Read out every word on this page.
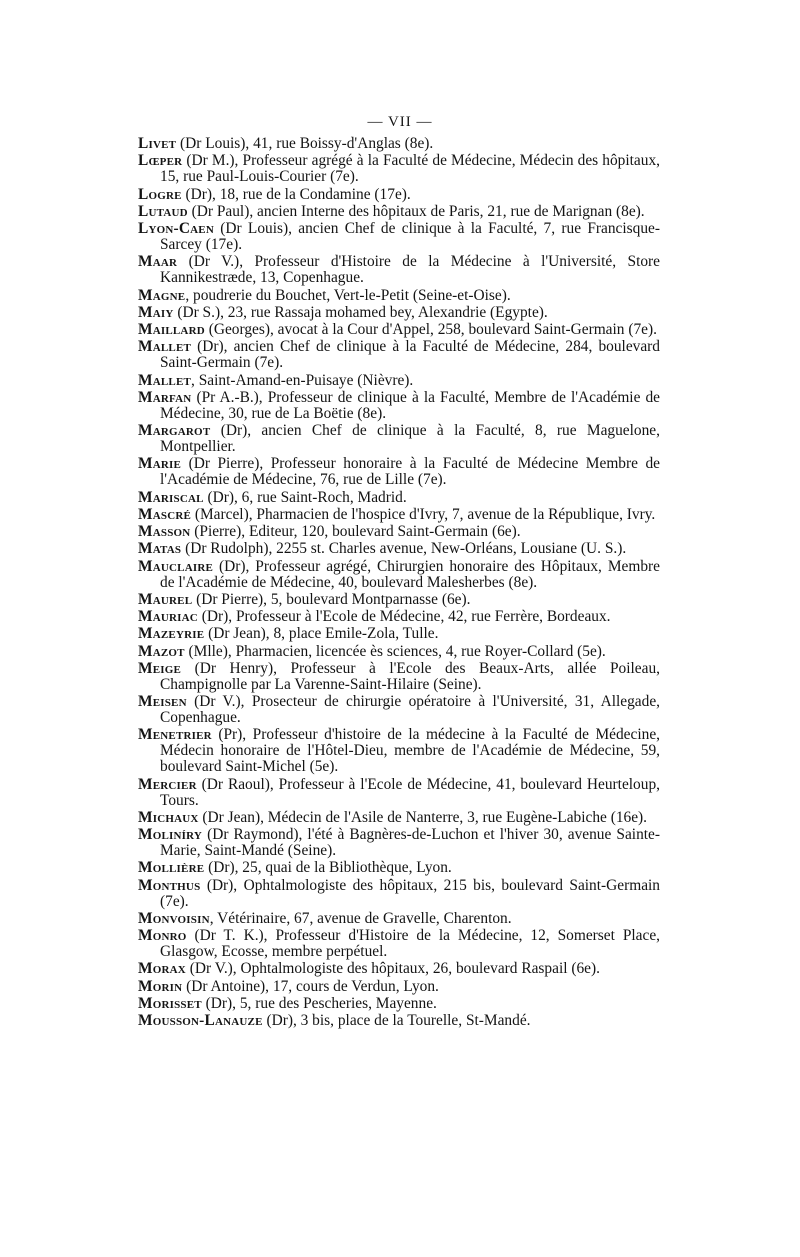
— VII —

Livet (Dr Louis), 41, rue Boissy-d'Anglas (8e).

Lœper (Dr M.), Professeur agrégé à la Faculté de Médecine, Médecin des hôpitaux, 15, rue Paul-Louis-Courier (7e).

Logre (Dr), 18, rue de la Condamine (17e).

Lutaud (Dr Paul), ancien Interne des hôpitaux de Paris, 21, rue de Marignan (8e).

Lyon-Caen (Dr Louis), ancien Chef de clinique à la Faculté, 7, rue Francisque-Sarcey (17e).

Maar (Dr V.), Professeur d'Histoire de la Médecine à l'Université, Store Kannikestræde, 13, Copenhague.

Magne, poudrerie du Bouchet, Vert-le-Petit (Seine-et-Oise).

Maiy (Dr S.), 23, rue Rassaja mohamed bey, Alexandrie (Egypte).

Maillard (Georges), avocat à la Cour d'Appel, 258, boulevard Saint-Germain (7e).

Mallet (Dr), ancien Chef de clinique à la Faculté de Médecine, 284, boulevard Saint-Germain (7e).

Mallet, Saint-Amand-en-Puisaye (Nièvre).

Marfan (Pr A.-B.), Professeur de clinique à la Faculté, Membre de l'Académie de Médecine, 30, rue de La Boëtie (8e).

Margarot (Dr), ancien Chef de clinique à la Faculté, 8, rue Maguelone, Montpellier.

Marie (Dr Pierre), Professeur honoraire à la Faculté de Médecine Membre de l'Académie de Médecine, 76, rue de Lille (7e).

Mariscal (Dr), 6, rue Saint-Roch, Madrid.

Mascré (Marcel), Pharmacien de l'hospice d'Ivry, 7, avenue de la République, Ivry.

Masson (Pierre), Editeur, 120, boulevard Saint-Germain (6e).

Matas (Dr Rudolph), 2255 st. Charles avenue, New-Orléans, Lousiane (U. S.).

Mauclaire (Dr), Professeur agrégé, Chirurgien honoraire des Hôpitaux, Membre de l'Académie de Médecine, 40, boulevard Malesherbes (8e).

Maurel (Dr Pierre), 5, boulevard Montparnasse (6e).

Mauriac (Dr), Professeur à l'Ecole de Médecine, 42, rue Ferrère, Bordeaux.

Mazeyrie (Dr Jean), 8, place Emile-Zola, Tulle.

Mazot (Mlle), Pharmacien, licencée ès sciences, 4, rue Royer-Collard (5e).

Meige (Dr Henry), Professeur à l'Ecole des Beaux-Arts, allée Poileau, Champignolle par La Varenne-Saint-Hilaire (Seine).

Meisen (Dr V.), Prosecteur de chirurgie opératoire à l'Université, 31, Allegade, Copenhague.

Menetrier (Pr), Professeur d'histoire de la médecine à la Faculté de Médecine, Médecin honoraire de l'Hôtel-Dieu, membre de l'Académie de Médecine, 59, boulevard Saint-Michel (5e).

Mercier (Dr Raoul), Professeur à l'Ecole de Médecine, 41, boulevard Heurteloup, Tours.

Michaux (Dr Jean), Médecin de l'Asile de Nanterre, 3, rue Eugène-Labiche (16e).

Moliníry (Dr Raymond), l'été à Bagnères-de-Luchon et l'hiver 30, avenue Sainte-Marie, Saint-Mandé (Seine).

Mollière (Dr), 25, quai de la Bibliothèque, Lyon.

Monthus (Dr), Ophtalmologiste des hôpitaux, 215 bis, boulevard Saint-Germain (7e).

Monvoisin, Vétérinaire, 67, avenue de Gravelle, Charenton.

Monro (Dr T. K.), Professeur d'Histoire de la Médecine, 12, Somerset Place, Glasgow, Ecosse, membre perpétuel.

Morax (Dr V.), Ophtalmologiste des hôpitaux, 26, boulevard Raspail (6e).

Morin (Dr Antoine), 17, cours de Verdun, Lyon.

Morisset (Dr), 5, rue des Pescheries, Mayenne.

Mousson-Lanauze (Dr), 3 bis, place de la Tourelle, St-Mandé.
